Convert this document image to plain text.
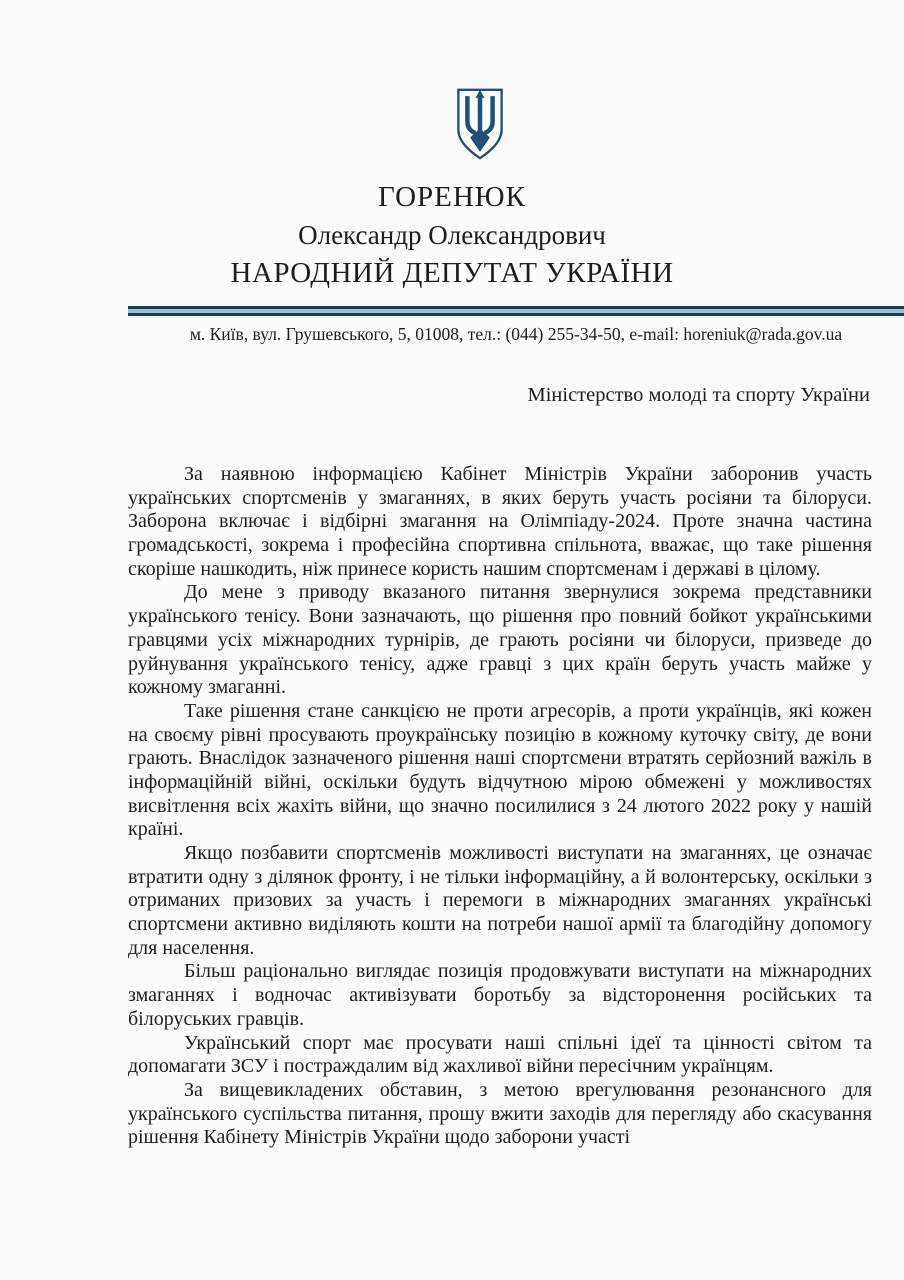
ГОРЕНЮК
Олександр Олександрович
НАРОДНИЙ ДЕПУТАТ УКРАЇНИ
м. Київ, вул. Грушевського, 5, 01008, тел.: (044) 255-34-50, e-mail: horeniuk@rada.gov.ua
Міністерство молоді та спорту України

За наявною інформацією Кабінет Міністрів України заборонив участь українських спортсменів у змаганнях, в яких беруть участь росіяни та білоруси. Заборона включає і відбірні змагання на Олімпіаду-2024. Проте значна частина громадськості, зокрема і професійна спортивна спільнота, вважає, що таке рішення скоріше нашкодить, ніж принесе користь нашим спортсменам і державі в цілому.

До мене з приводу вказаного питання звернулися зокрема представники українського тенісу. Вони зазначають, що рішення про повний бойкот українськими гравцями усіх міжнародних турнірів, де грають росіяни чи білоруси, призведе до руйнування українського тенісу, адже гравці з цих країн беруть участь майже у кожному змаганні.

Таке рішення стане санкцією не проти агресорів, а проти українців, які кожен на своєму рівні просувають проукраїнську позицію в кожному куточку світу, де вони грають. Внаслідок зазначеного рішення наші спортсмени втратять серйозний важіль в інформаційній війні, оскільки будуть відчутною мірою обмежені у можливостях висвітлення всіх жахіть війни, що значно посилилися з 24 лютого 2022 року у нашій країні.

Якщо позбавити спортсменів можливості виступати на змаганнях, це означає втратити одну з ділянок фронту, і не тільки інформаційну, а й волонтерську, оскільки з отриманих призових за участь і перемоги в міжнародних змаганнях українські спортсмени активно виділяють кошти на потреби нашої армії та благодійну допомогу для населення.

Більш раціонально виглядає позиція продовжувати виступати на міжнародних змаганнях і водночас активізувати боротьбу за відсторонення російських та білоруських гравців.

Український спорт має просувати наші спільні ідеї та цінності світом та допомагати ЗСУ і постраждалим від жахливої війни пересічним українцям.

За вищевикладених обставин, з метою врегулювання резонансного для українського суспільства питання, прошу вжити заходів для перегляду або скасування рішення Кабінету Міністрів України щодо заборони участі
